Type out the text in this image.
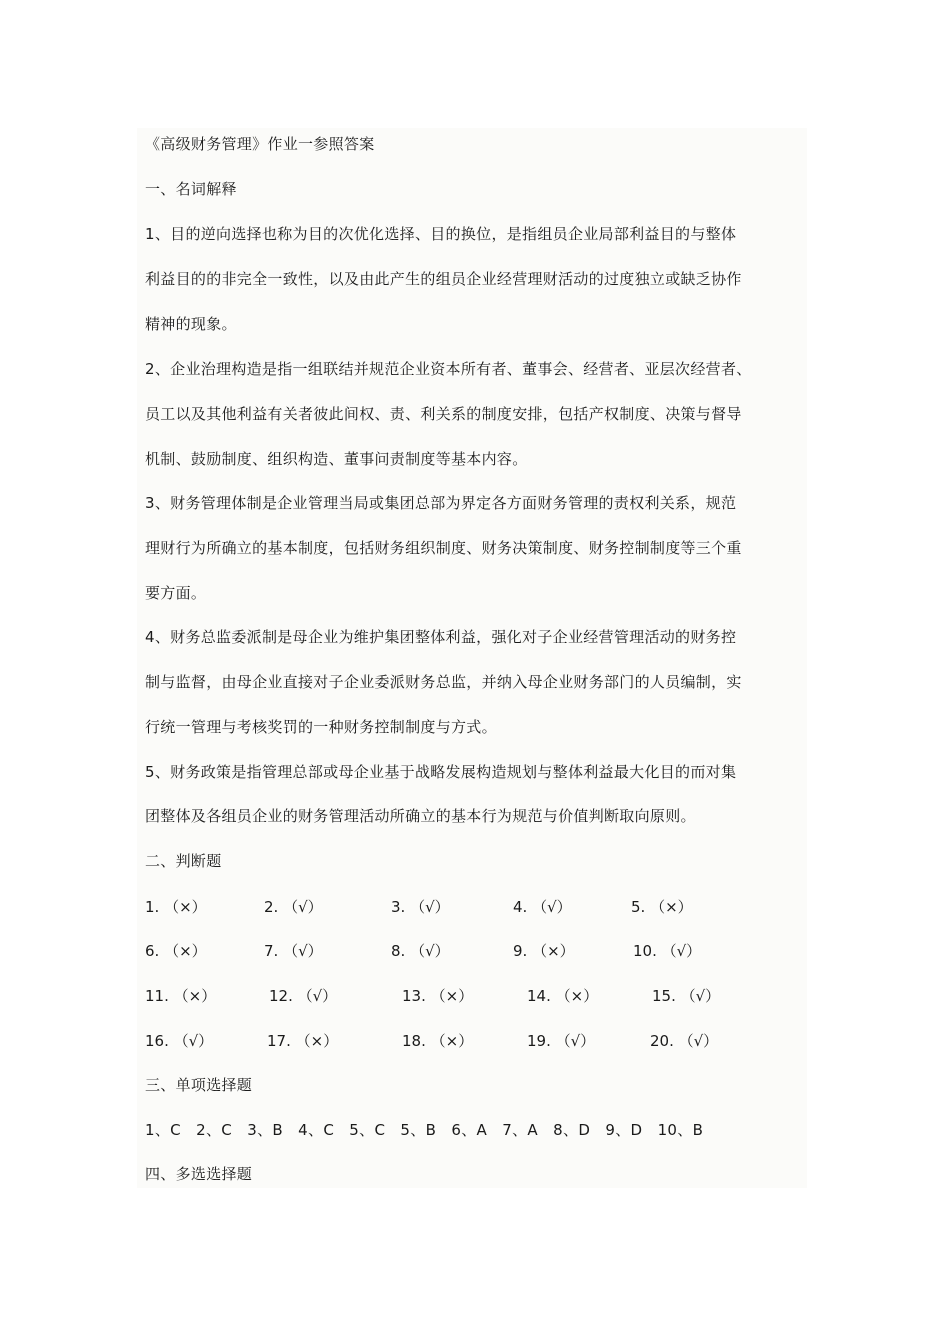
《高级财务管理》作业一参照答案
一、名词解释
1、目的逆向选择也称为目的次优化选择、目的换位，是指组员企业局部利益目的与整体
利益目的的非完全一致性，以及由此产生的组员企业经营理财活动的过度独立或缺乏协作
精神的现象。
2、企业治理构造是指一组联结并规范企业资本所有者、董事会、经营者、亚层次经营者、
员工以及其他利益有关者彼此间权、责、利关系的制度安排，包括产权制度、决策与督导
机制、鼓励制度、组织构造、董事问责制度等基本内容。
3、财务管理体制是企业管理当局或集团总部为界定各方面财务管理的责权利关系，规范
理财行为所确立的基本制度，包括财务组织制度、财务决策制度、财务控制制度等三个重
要方面。
4、财务总监委派制是母企业为维护集团整体利益，强化对子企业经营管理活动的财务控
制与监督，由母企业直接对子企业委派财务总监，并纳入母企业财务部门的人员编制，实
行统一管理与考核奖罚的一种财务控制制度与方式。
5、财务政策是指管理总部或母企业基于战略发展构造规划与整体利益最大化目的而对集
团整体及各组员企业的财务管理活动所确立的基本行为规范与价值判断取向原则。
二、判断题
1. （×）	2. （√）	3. （√）	4. （√）	5. （×）
6. （×）	7. （√）	8. （√）	9. （×）	10. （√）
11. （×）	12. （√）	13. （×）	14. （×）	15. （√）
16. （√）	17. （×）	18. （×）	19. （√）	20. （√）
三、单项选择题
1、C   2、C   3、B   4、C   5、C   5、B   6、A   7、A   8、D   9、D   10、B
四、多选选择题
